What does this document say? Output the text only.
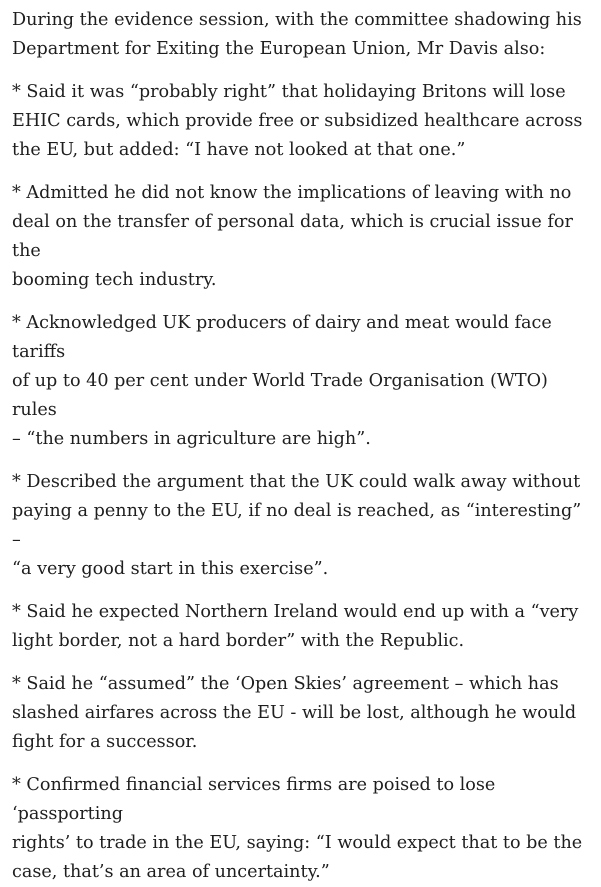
During the evidence session, with the committee shadowing his
Department for Exiting the European Union, Mr Davis also:

* Said it was “probably right” that holidaying Britons will lose
EHIC cards, which provide free or subsidized healthcare across
the EU, but added: “I have not looked at that one.”

* Admitted he did not know the implications of leaving with no
deal on the transfer of personal data, which is crucial issue for the
booming tech industry.

* Acknowledged UK producers of dairy and meat would face tariffs
of up to 40 per cent under World Trade Organisation (WTO) rules
– “the numbers in agriculture are high”.

* Described the argument that the UK could walk away without
paying a penny to the EU, if no deal is reached, as “interesting” –
“a very good start in this exercise”.

* Said he expected Northern Ireland would end up with a “very
light border, not a hard border” with the Republic.

* Said he “assumed” the ‘Open Skies’ agreement – which has
slashed airfares across the EU - will be lost, although he would
fight for a successor.

* Confirmed financial services firms are poised to lose ‘passporting
rights’ to trade in the EU, saying: “I would expect that to be the
case, that’s an area of uncertainty.”
